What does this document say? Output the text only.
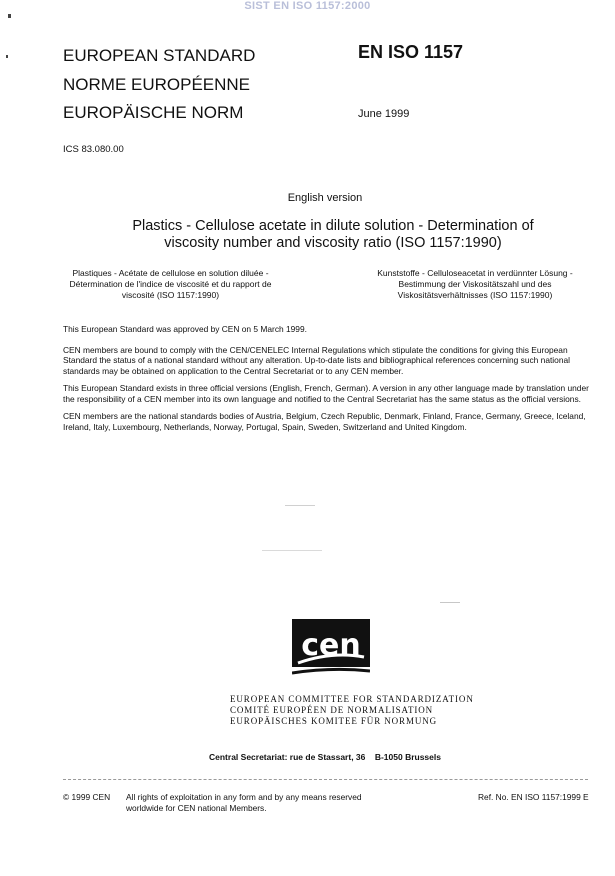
SIST EN ISO 1157:2000
EUROPEAN STANDARD
NORME EUROPÉENNE
EUROPÄISCHE NORM
EN ISO 1157
June 1999
ICS 83.080.00
English version
Plastics - Cellulose acetate in dilute solution - Determination of
viscosity number and viscosity ratio (ISO 1157:1990)
Plastiques - Acétate de cellulose en solution diluée -
Détermination de l'indice de viscosité et du rapport de
viscosité (ISO 1157:1990)
Kunststoffe - Celluloseacetat in verdünnter Lösung -
Bestimmung der Viskositätszahl und des
Viskositätsverhältnisses (ISO 1157:1990)

This European Standard was approved by CEN on 5 March 1999.

CEN members are bound to comply with the CEN/CENELEC Internal Regulations which stipulate the conditions for giving this European Standard the status of a national standard without any alteration. Up-to-date lists and bibliographical references concerning such national standards may be obtained on application to the Central Secretariat or to any CEN member.

This European Standard exists in three official versions (English, French, German). A version in any other language made by translation under the responsibility of a CEN member into its own language and notified to the Central Secretariat has the same status as the official versions.

CEN members are the national standards bodies of Austria, Belgium, Czech Republic, Denmark, Finland, France, Germany, Greece, Iceland, Ireland, Italy, Luxembourg, Netherlands, Norway, Portugal, Spain, Sweden, Switzerland and United Kingdom.

cen
EUROPEAN COMMITTEE FOR STANDARDIZATION
COMITÉ EUROPÉEN DE NORMALISATION
EUROPÄISCHES KOMITEE FÜR NORMUNG
Central Secretariat: rue de Stassart, 36    B-1050 Brussels
© 1999 CEN All rights of exploitation in any form and by any means reserved
worldwide for CEN national Members.
Ref. No. EN ISO 1157:1999 E
